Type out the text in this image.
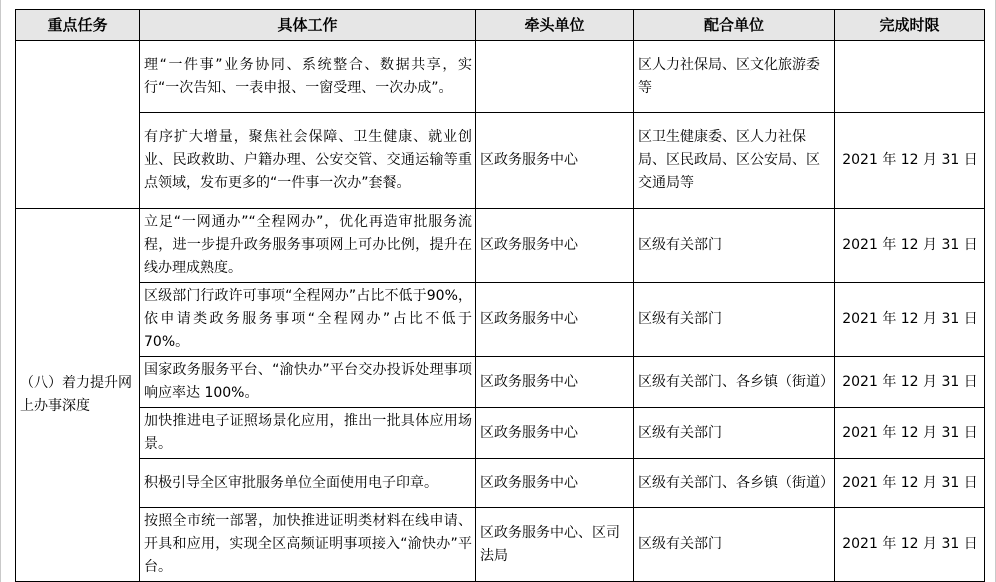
重点任务	具体工作	牵头单位	配合单位	完成时限
	理“一件事”业务协同、系统整合、数据共享，实行“一次告知、一表申报、一窗受理、一次办成”。		区人力社保局、区文化旅游委等	
	有序扩大增量，聚焦社会保障、卫生健康、就业创业、民政救助、户籍办理、公安交管、交通运输等重点领域，发布更多的“一件事一次办”套餐。	区政务服务中心	区卫生健康委、区人力社保局、区民政局、区公安局、区交通局等	2021 年 12 月 31 日
（八）着力提升网上办事深度	立足“一网通办”“全程网办”，优化再造审批服务流程，进一步提升政务服务事项网上可办比例，提升在线办理成熟度。	区政务服务中心	区级有关部门	2021 年 12 月 31 日
	区级部门行政许可事项“全程网办”占比不低于90%，依申请类政务服务事项“全程网办”占比不低于 70%。	区政务服务中心	区级有关部门	2021 年 12 月 31 日
	国家政务服务平台、“渝快办”平台交办投诉处理事项响应率达 100%。	区政务服务中心	区级有关部门、各乡镇（街道）	2021 年 12 月 31 日
	加快推进电子证照场景化应用，推出一批具体应用场景。	区政务服务中心	区级有关部门	2021 年 12 月 31 日
	积极引导全区审批服务单位全面使用电子印章。	区政务服务中心	区级有关部门、各乡镇（街道）	2021 年 12 月 31 日
	按照全市统一部署，加快推进证明类材料在线申请、开具和应用，实现全区高频证明事项接入“渝快办”平台。	区政务服务中心、区司法局	区级有关部门	2021 年 12 月 31 日
